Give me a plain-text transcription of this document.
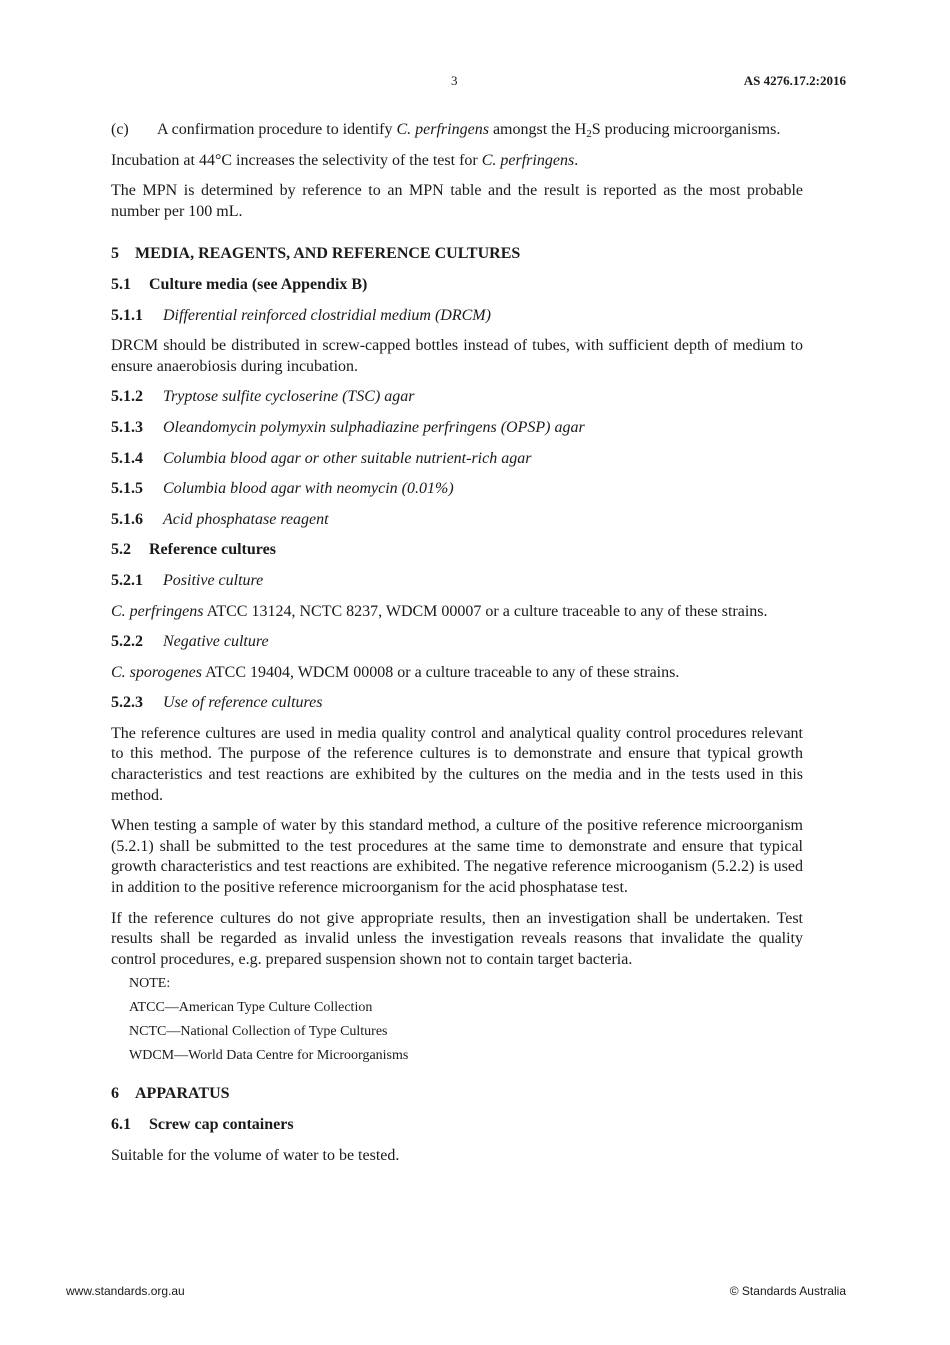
3	AS 4276.17.2:2016
(c)	A confirmation procedure to identify C. perfringens amongst the $H_2S$ producing microorganisms.

Incubation at 44°C increases the selectivity of the test for C. perfringens.

The MPN is determined by reference to an MPN table and the result is reported as the most probable number per 100 mL.

5 MEDIA, REAGENTS, AND REFERENCE CULTURES
5.1 Culture media (see Appendix B)
5.1.1 Differential reinforced clostridial medium (DRCM)

DRCM should be distributed in screw-capped bottles instead of tubes, with sufficient depth of medium to ensure anaerobiosis during incubation.

5.1.2 Tryptose sulfite cycloserine (TSC) agar
5.1.3 Oleandomycin polymyxin sulphadiazine perfringens (OPSP) agar
5.1.4 Columbia blood agar or other suitable nutrient-rich agar
5.1.5 Columbia blood agar with neomycin (0.01%)
5.1.6 Acid phosphatase reagent
5.2 Reference cultures
5.2.1 Positive culture

C. perfringens ATCC 13124, NCTC 8237, WDCM 00007 or a culture traceable to any of these strains.

5.2.2 Negative culture

C. sporogenes ATCC 19404, WDCM 00008 or a culture traceable to any of these strains.

5.2.3 Use of reference cultures

The reference cultures are used in media quality control and analytical quality control procedures relevant to this method. The purpose of the reference cultures is to demonstrate and ensure that typical growth characteristics and test reactions are exhibited by the cultures on the media and in the tests used in this method.

When testing a sample of water by this standard method, a culture of the positive reference microorganism (5.2.1) shall be submitted to the test procedures at the same time to demonstrate and ensure that typical growth characteristics and test reactions are exhibited. The negative reference microoganism (5.2.2) is used in addition to the positive reference microorganism for the acid phosphatase test.

If the reference cultures do not give appropriate results, then an investigation shall be undertaken. Test results shall be regarded as invalid unless the investigation reveals reasons that invalidate the quality control procedures, e.g. prepared suspension shown not to contain target bacteria.

NOTE:
ATCC—American Type Culture Collection
NCTC—National Collection of Type Cultures
WDCM—World Data Centre for Microorganisms
6 APPARATUS
6.1 Screw cap containers

Suitable for the volume of water to be tested.

www.standards.org.au	© Standards Australia
